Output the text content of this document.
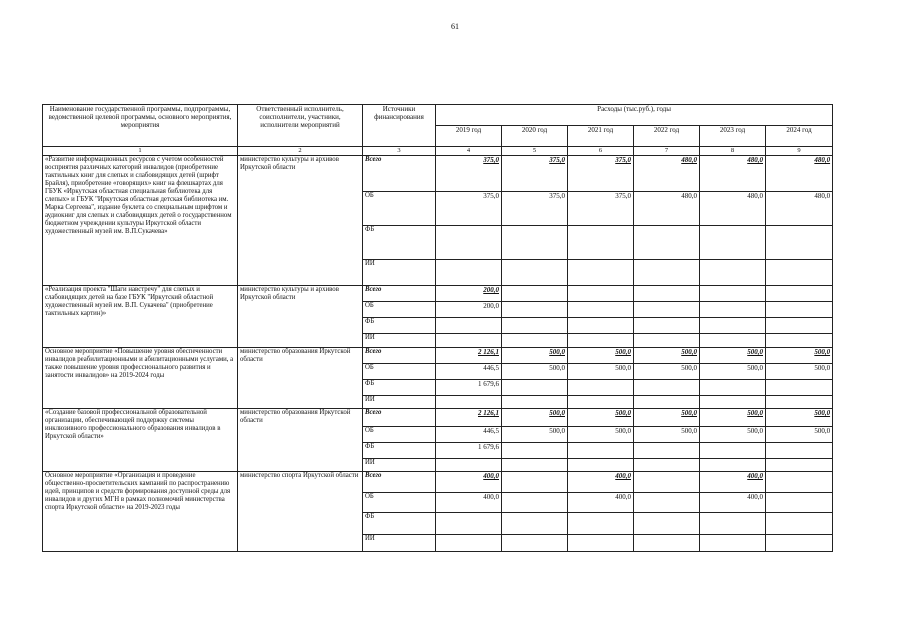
61
Наименование государственной программы, подпрограммы, ведомственной целевой программы, основного мероприятия, мероприятия	Ответственный исполнитель, соисполнители, участники, исполнители мероприятий	Источники финансирования	Расходы (тыс.руб.), годы					
			2019 год	2020 год	2021 год	2022 год	2023 год	2024 год
1	2	3	4	5	6	7	8	9
«Развитие информационных ресурсов с учетом особенностей восприятия различных категорий инвалидов (приобретение тактильных книг для слепых и слабовидящих детей (шрифт Брайля), приобретение «говорящих» книг на флешкартах для ГБУК «Иркутская областная специальная библиотека для слепых» и ГБУК "Иркутская областная детская библиотека им. Марка Сергеева", издание буклета со специальным шрифтом и аудиокниг для слепых и слабовидящих детей о государственном бюджетном учреждении культуры Иркутской области художественный музей им. В.П.Сукачева»	министерство культуры и архивов Иркутской области	Всего	375,0	375,0	375,0	480,0	480,0	480,0
		ОБ	375,0	375,0	375,0	480,0	480,0	480,0
		ФБ						
		ИИ						
«Реализация проекта "Шаги навстречу" для слепых и слабовидящих детей на базе ГБУК "Иркутский областной художественный музей им. В.П. Сукачева" (приобретение тактильных картин)»	министерство культуры и архивов Иркутской области	Всего	200,0					
		ОБ	200,0					
		ФБ						
		ИИ						
Основное мероприятие «Повышение уровня обеспеченности инвалидов реабилитационными и абилитационными услугами, а также повышение уровня профессионального развития и занятости инвалидов» на 2019-2024 годы	министерство образования Иркутской области	Всего	2 126,1	500,0	500,0	500,0	500,0	500,0
		ОБ	446,5	500,0	500,0	500,0	500,0	500,0
		ФБ	1 679,6					
		ИИ						
«Создание базовой профессиональной образовательной организации, обеспечивающей поддержку системы инклюзивного профессионального образования инвалидов в Иркутской области»	министерство образования Иркутской области	Всего	2 126,1	500,0	500,0	500,0	500,0	500,0
		ОБ	446,5	500,0	500,0	500,0	500,0	500,0
		ФБ	1 679,6					
		ИИ						
Основное мероприятие «Организация и проведение общественно-просветительских кампаний по распространению идей, принципов и средств формирования доступной среды для инвалидов и других МГН в рамках полномочий министерства спорта Иркутской области» на 2019-2023 годы	министерство спорта Иркутской области	Всего	400,0		400,0		400,0	
		ОБ	400,0		400,0		400,0	
		ФБ						
		ИИ						
